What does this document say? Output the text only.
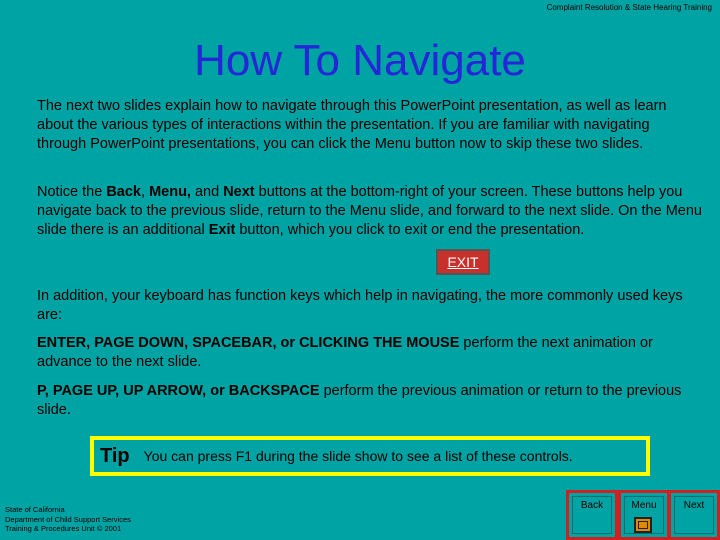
Complaint Resolution & State Hearing Training
How To Navigate
The next two slides explain how to navigate through this PowerPoint presentation, as well as learn about the various types of interactions within the presentation. If you are familiar with navigating through PowerPoint presentations, you can click the Menu button now to skip these two slides.
Notice the Back, Menu, and Next buttons at the bottom-right of your screen. These buttons help you navigate back to the previous slide, return to the Menu slide, and forward to the next slide. On the Menu slide there is an additional Exit button, which you click to exit or end the presentation.
EXIT
In addition, your keyboard has function keys which help in navigating, the more commonly used keys are:
ENTER, PAGE DOWN, SPACEBAR, or CLICKING THE MOUSE perform the next animation or advance to the next slide.
P, PAGE UP, UP ARROW, or BACKSPACE perform the previous animation or return to the previous slide.
Tip You can press F1 during the slide show to see a list of these controls.
State of California
Department of Child Support Services
Training & Procedures Unit © 2001
Back	Menu	Next
